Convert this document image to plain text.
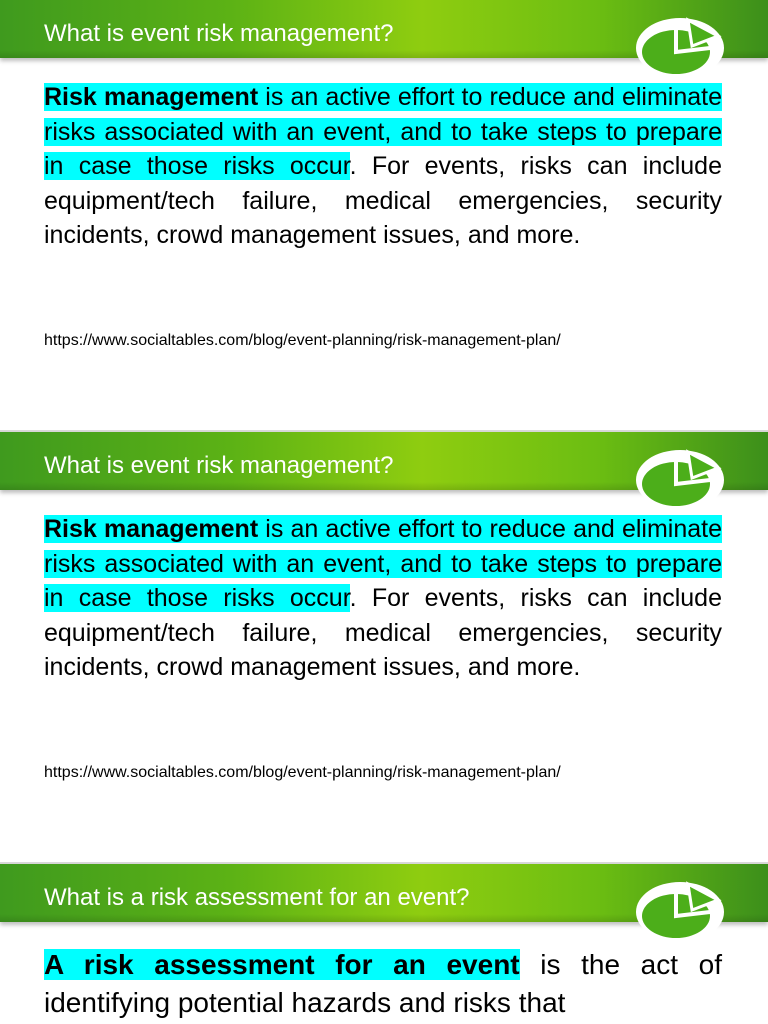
What is event risk management?
Risk management is an active effort to reduce and eliminate risks associated with an event, and to take steps to prepare in case those risks occur. For events, risks can include equipment/tech failure, medical emergencies, security incidents, crowd management issues, and more.
https://www.socialtables.com/blog/event-planning/risk-management-plan/
What is event risk management?
Risk management is an active effort to reduce and eliminate risks associated with an event, and to take steps to prepare in case those risks occur. For events, risks can include equipment/tech failure, medical emergencies, security incidents, crowd management issues, and more.
https://www.socialtables.com/blog/event-planning/risk-management-plan/
What is a risk assessment for an event?
A risk assessment for an event is the act of identifying potential hazards and risks that
